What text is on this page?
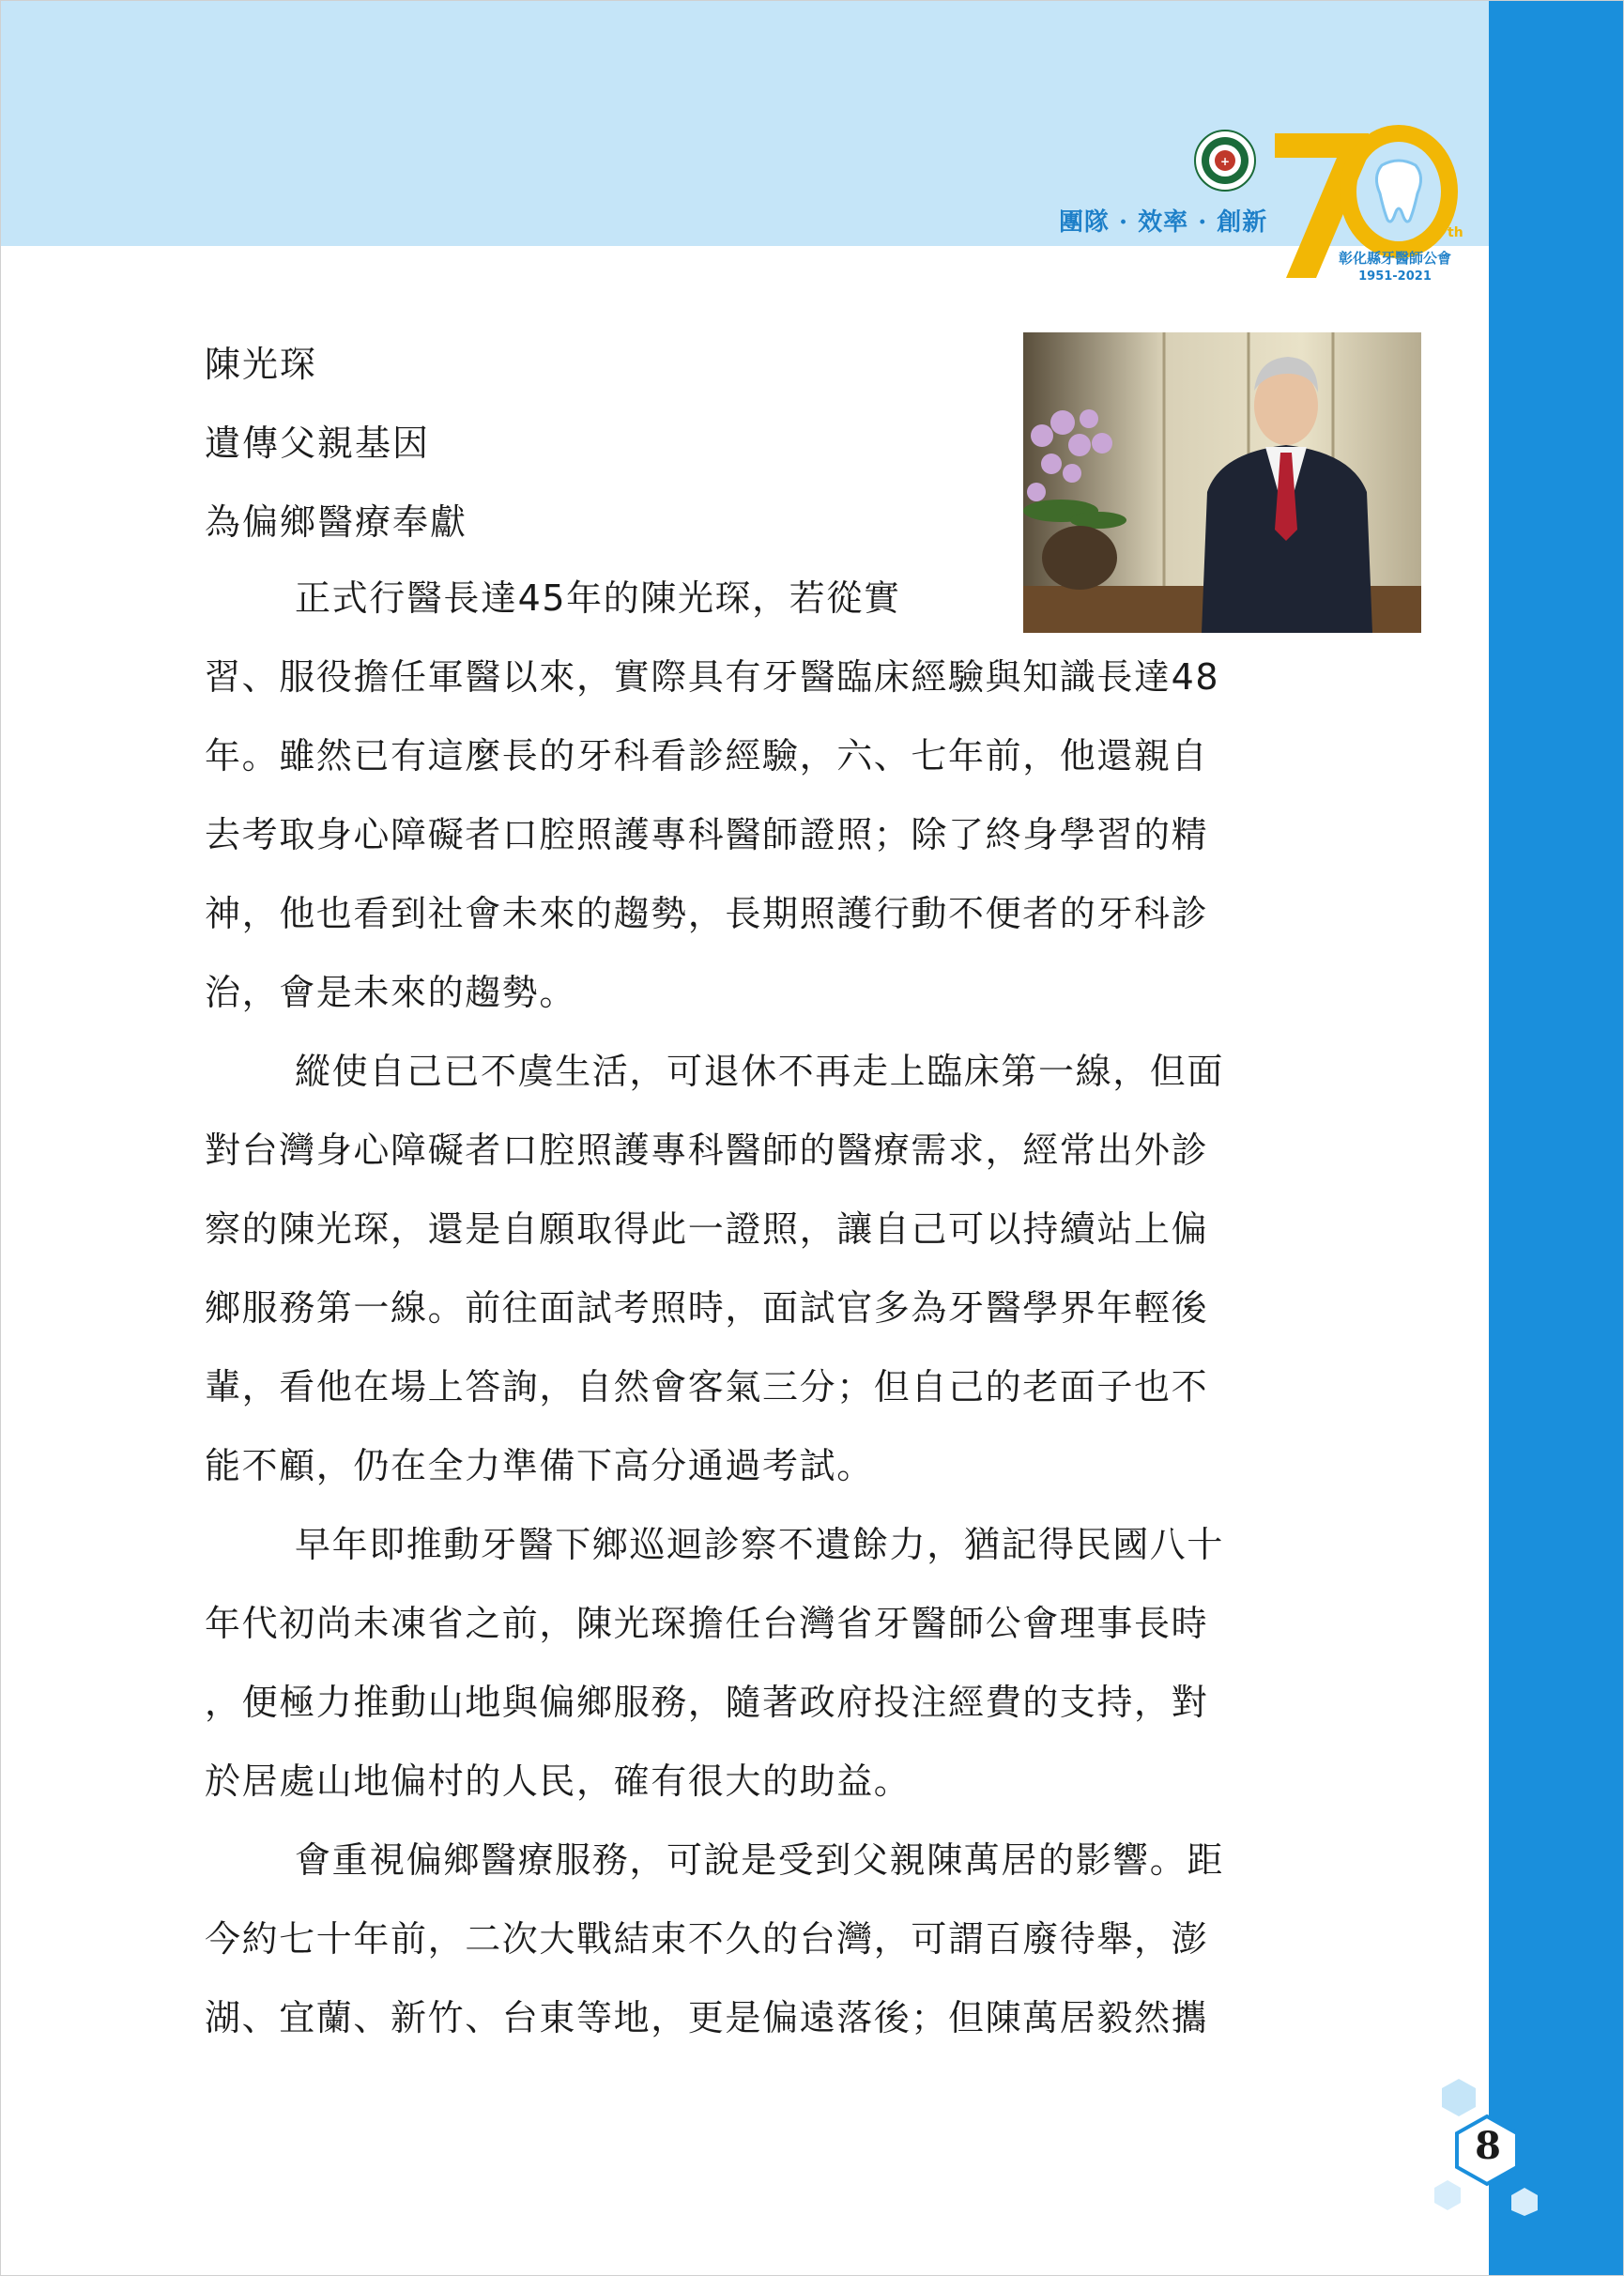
+
團隊 · 效率 · 創新	th
彰化縣牙醫師公會
1951-2021
陳光琛
遺傳父親基因
為偏鄉醫療奉獻
正式行醫長達45年的陳光琛，若從實
習、服役擔任軍醫以來，實際具有牙醫臨床經驗與知識長達48
年。雖然已有這麼長的牙科看診經驗，六、七年前，他還親自
去考取身心障礙者口腔照護專科醫師證照；除了終身學習的精
神，他也看到社會未來的趨勢，長期照護行動不便者的牙科診
治，會是未來的趨勢。
縱使自己已不虞生活，可退休不再走上臨床第一線，但面
對台灣身心障礙者口腔照護專科醫師的醫療需求，經常出外診
察的陳光琛，還是自願取得此一證照，讓自己可以持續站上偏
鄉服務第一線。前往面試考照時，面試官多為牙醫學界年輕後
輩，看他在場上答詢，自然會客氣三分；但自己的老面子也不
能不顧，仍在全力準備下高分通過考試。
早年即推動牙醫下鄉巡迴診察不遺餘力，猶記得民國八十
年代初尚未凍省之前，陳光琛擔任台灣省牙醫師公會理事長時
，便極力推動山地與偏鄉服務，隨著政府投注經費的支持，對
於居處山地偏村的人民，確有很大的助益。
會重視偏鄉醫療服務，可說是受到父親陳萬居的影響。距
今約七十年前，二次大戰結束不久的台灣，可謂百廢待舉，澎
湖、宜蘭、新竹、台東等地，更是偏遠落後；但陳萬居毅然攜
8
